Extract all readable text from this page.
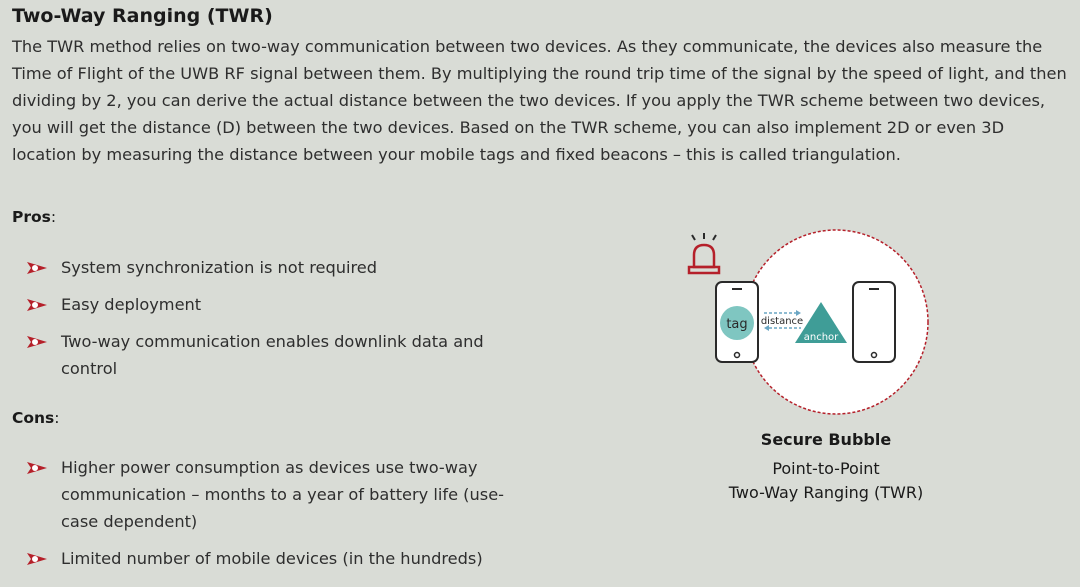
Two-Way Ranging (TWR)

The TWR method relies on two-way communication between two devices. As they communicate, the devices also measure the Time of Flight of the UWB RF signal between them. By multiplying the round trip time of the signal by the speed of light, and then dividing by 2, you can derive the actual distance between the two devices. If you apply the TWR scheme between two devices, you will get the distance (D) between the two devices. Based on the TWR scheme, you can also implement 2D or even 3D location by measuring the distance between your mobile tags and fixed beacons – this is called triangulation.

Pros:
System synchronization is not required
Easy deployment
Two-way communication enables downlink data and control
Cons:
Higher power consumption as devices use two-way communication – months to a year of battery life (use-case dependent)
Limited number of mobile devices (in the hundreds)
tag distance
anchor
Secure Bubble
Point-to-Point
Two-Way Ranging (TWR)
